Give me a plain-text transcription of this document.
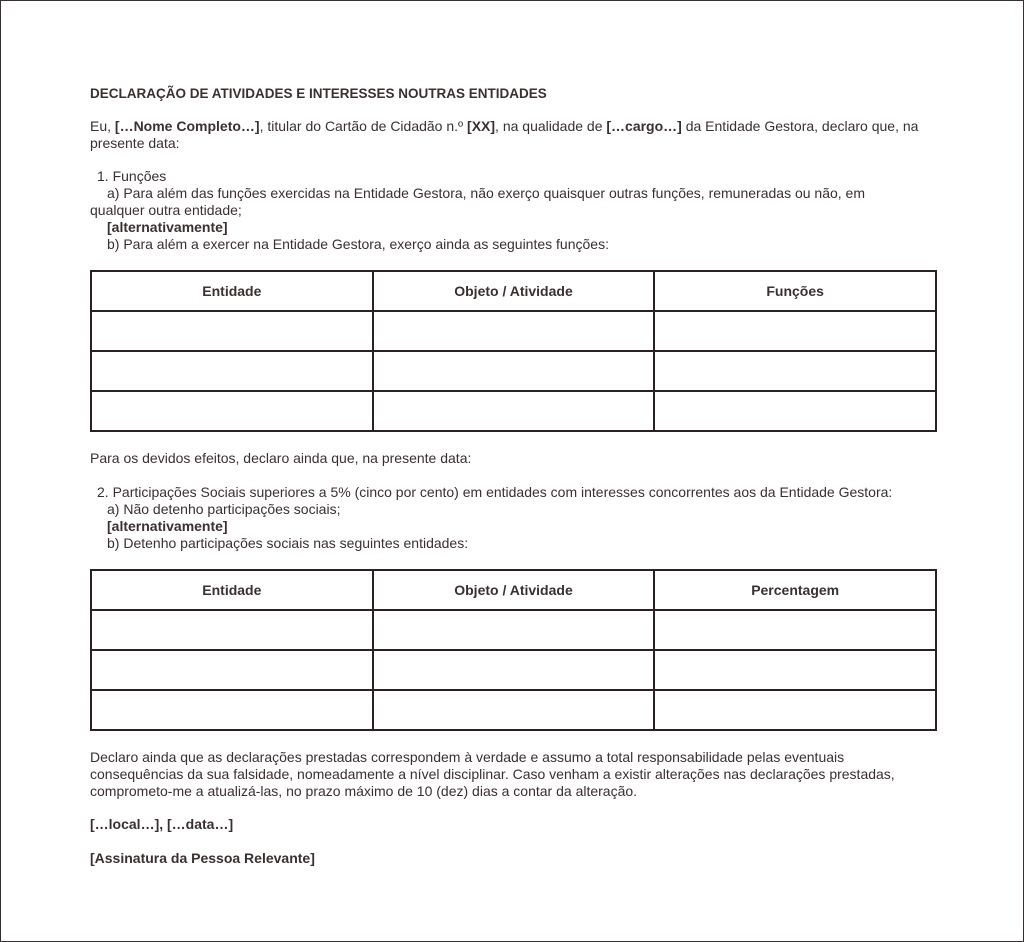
DECLARAÇÃO DE ATIVIDADES E INTERESSES NOUTRAS ENTIDADES
Eu, […Nome Completo…], titular do Cartão de Cidadão n.º [XX], na qualidade de […cargo…] da Entidade Gestora, declaro que, na presente data:
1. Funções
a) Para além das funções exercidas na Entidade Gestora, não exerço quaisquer outras funções, remuneradas ou não, em
qualquer outra entidade;
[alternativamente]
b) Para além a exercer na Entidade Gestora, exerço ainda as seguintes funções:
Entidade	Objeto / Atividade	Funções

Para os devidos efeitos, declaro ainda que, na presente data:
2. Participações Sociais superiores a 5% (cinco por cento) em entidades com interesses concorrentes aos da Entidade Gestora:
a) Não detenho participações sociais;
[alternativamente]
b) Detenho participações sociais nas seguintes entidades:
Entidade	Objeto / Atividade	Percentagem

Declaro ainda que as declarações prestadas correspondem à verdade e assumo a total responsabilidade pelas eventuais
consequências da sua falsidade, nomeadamente a nível disciplinar. Caso venham a existir alterações nas declarações prestadas,
comprometo-me a atualizá-las, no prazo máximo de 10 (dez) dias a contar da alteração.
[…local…], […data…]
[Assinatura da Pessoa Relevante]
